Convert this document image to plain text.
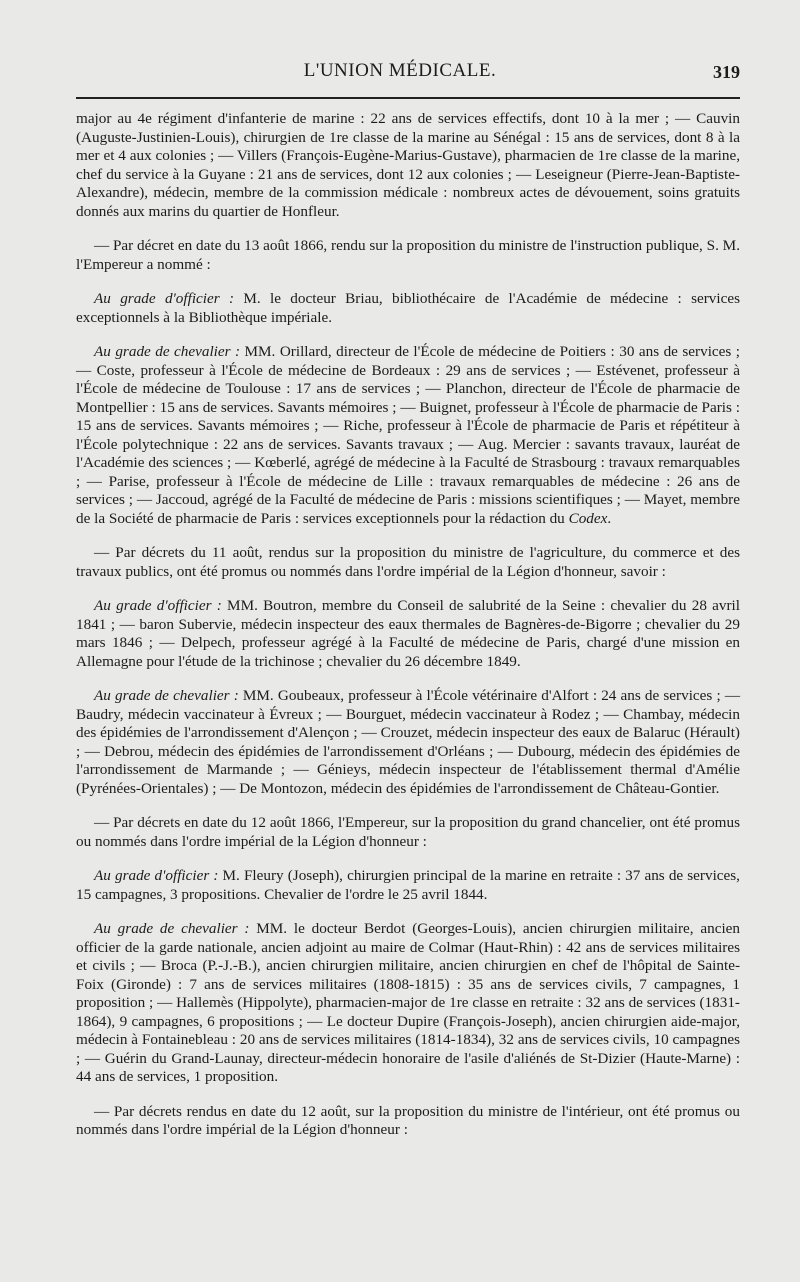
L'UNION MÉDICALE.	319

major au 4e régiment d'infanterie de marine : 22 ans de services effectifs, dont 10 à la mer ; — Cauvin (Auguste-Justinien-Louis), chirurgien de 1re classe de la marine au Sénégal : 15 ans de services, dont 8 à la mer et 4 aux colonies ; — Villers (François-Eugène-Marius-Gustave), pharmacien de 1re classe de la marine, chef du service à la Guyane : 21 ans de services, dont 12 aux colonies ; — Leseigneur (Pierre-Jean-Baptiste-Alexandre), médecin, membre de la commission médicale : nombreux actes de dévouement, soins gratuits donnés aux marins du quartier de Honfleur.

— Par décret en date du 13 août 1866, rendu sur la proposition du ministre de l'instruction publique, S. M. l'Empereur a nommé :

Au grade d'officier : M. le docteur Briau, bibliothécaire de l'Académie de médecine : services exceptionnels à la Bibliothèque impériale.

Au grade de chevalier : MM. Orillard, directeur de l'École de médecine de Poitiers : 30 ans de services ; — Coste, professeur à l'École de médecine de Bordeaux : 29 ans de services ; — Estévenet, professeur à l'École de médecine de Toulouse : 17 ans de services ; — Planchon, directeur de l'École de pharmacie de Montpellier : 15 ans de services. Savants mémoires ; — Buignet, professeur à l'École de pharmacie de Paris : 15 ans de services. Savants mémoires ; — Riche, professeur à l'École de pharmacie de Paris et répétiteur à l'École polytechnique : 22 ans de services. Savants travaux ; — Aug. Mercier : savants travaux, lauréat de l'Académie des sciences ; — Kœberlé, agrégé de médecine à la Faculté de Strasbourg : travaux remarquables ; — Parise, professeur à l'École de médecine de Lille : travaux remarquables de médecine : 26 ans de services ; — Jaccoud, agrégé de la Faculté de médecine de Paris : missions scientifiques ; — Mayet, membre de la Société de pharmacie de Paris : services exceptionnels pour la rédaction du Codex.

— Par décrets du 11 août, rendus sur la proposition du ministre de l'agriculture, du commerce et des travaux publics, ont été promus ou nommés dans l'ordre impérial de la Légion d'honneur, savoir :

Au grade d'officier : MM. Boutron, membre du Conseil de salubrité de la Seine : chevalier du 28 avril 1841 ; — baron Subervie, médecin inspecteur des eaux thermales de Bagnères-de-Bigorre ; chevalier du 29 mars 1846 ; — Delpech, professeur agrégé à la Faculté de médecine de Paris, chargé d'une mission en Allemagne pour l'étude de la trichinose ; chevalier du 26 décembre 1849.

Au grade de chevalier : MM. Goubeaux, professeur à l'École vétérinaire d'Alfort : 24 ans de services ; — Baudry, médecin vaccinateur à Évreux ; — Bourguet, médecin vaccinateur à Rodez ; — Chambay, médecin des épidémies de l'arrondissement d'Alençon ; — Crouzet, médecin inspecteur des eaux de Balaruc (Hérault) ; — Debrou, médecin des épidémies de l'arrondissement d'Orléans ; — Dubourg, médecin des épidémies de l'arrondissement de Marmande ; — Génieys, médecin inspecteur de l'établissement thermal d'Amélie (Pyrénées-Orientales) ; — De Montozon, médecin des épidémies de l'arrondissement de Château-Gontier.

— Par décrets en date du 12 août 1866, l'Empereur, sur la proposition du grand chancelier, ont été promus ou nommés dans l'ordre impérial de la Légion d'honneur :

Au grade d'officier : M. Fleury (Joseph), chirurgien principal de la marine en retraite : 37 ans de services, 15 campagnes, 3 propositions. Chevalier de l'ordre le 25 avril 1844.

Au grade de chevalier : MM. le docteur Berdot (Georges-Louis), ancien chirurgien militaire, ancien officier de la garde nationale, ancien adjoint au maire de Colmar (Haut-Rhin) : 42 ans de services militaires et civils ; — Broca (P.-J.-B.), ancien chirurgien militaire, ancien chirurgien en chef de l'hôpital de Sainte-Foix (Gironde) : 7 ans de services militaires (1808-1815) : 35 ans de services civils, 7 campagnes, 1 proposition ; — Hallemès (Hippolyte), pharmacien-major de 1re classe en retraite : 32 ans de services (1831-1864), 9 campagnes, 6 propositions ; — Le docteur Dupire (François-Joseph), ancien chirurgien aide-major, médecin à Fontainebleau : 20 ans de services militaires (1814-1834), 32 ans de services civils, 10 campagnes ; — Guérin du Grand-Launay, directeur-médecin honoraire de l'asile d'aliénés de St-Dizier (Haute-Marne) : 44 ans de services, 1 proposition.

— Par décrets rendus en date du 12 août, sur la proposition du ministre de l'intérieur, ont été promus ou nommés dans l'ordre impérial de la Légion d'honneur :
